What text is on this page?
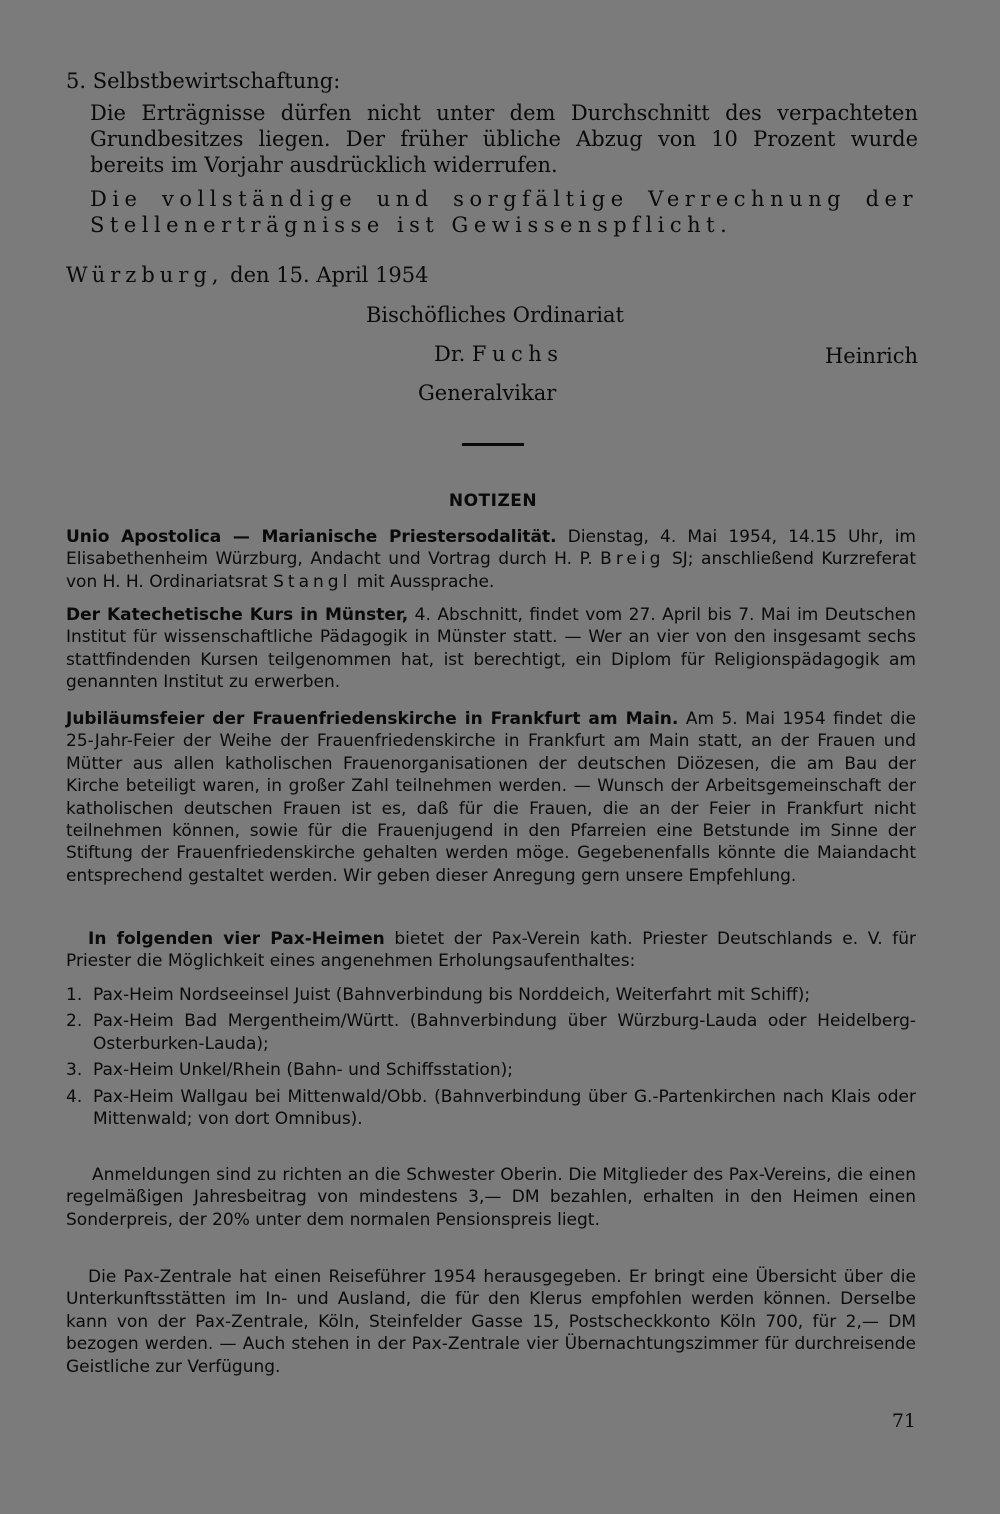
5. Selbstbewirtschaftung:

Die Erträgnisse dürfen nicht unter dem Durchschnitt des verpachteten Grundbesitzes liegen. Der früher übliche Abzug von 10 Prozent wurde bereits im Vorjahr ausdrücklich widerrufen.

Die vollständige und sorgfältige Verrechnung der Stellenerträgnisse ist Gewissenspflicht.

Würzburg, den 15. April 1954

Bischöfliches Ordinariat

Dr. Fuchs	Heinrich

Generalvikar

NOTIZEN

Unio Apostolica — Marianische Priestersodalität. Dienstag, 4. Mai 1954, 14.15 Uhr, im Elisabethenheim Würzburg, Andacht und Vortrag durch H. P. Breig SJ; anschließend Kurzreferat von H. H. Ordinariatsrat Stangl mit Aussprache.

Der Katechetische Kurs in Münster, 4. Abschnitt, findet vom 27. April bis 7. Mai im Deutschen Institut für wissenschaftliche Pädagogik in Münster statt. — Wer an vier von den insgesamt sechs stattfindenden Kursen teilgenommen hat, ist berechtigt, ein Diplom für Religionspädagogik am genannten Institut zu erwerben.

Jubiläumsfeier der Frauenfriedenskirche in Frankfurt am Main. Am 5. Mai 1954 findet die 25-Jahr-Feier der Weihe der Frauenfriedenskirche in Frankfurt am Main statt, an der Frauen und Mütter aus allen katholischen Frauenorganisationen der deutschen Diözesen, die am Bau der Kirche beteiligt waren, in großer Zahl teilnehmen werden. — Wunsch der Arbeitsgemeinschaft der katholischen deutschen Frauen ist es, daß für die Frauen, die an der Feier in Frankfurt nicht teilnehmen können, sowie für die Frauenjugend in den Pfarreien eine Betstunde im Sinne der Stiftung der Frauenfriedenskirche gehalten werden möge. Gegebenenfalls könnte die Maiandacht entsprechend gestaltet werden. Wir geben dieser Anregung gern unsere Empfehlung.

In folgenden vier Pax-Heimen bietet der Pax-Verein kath. Priester Deutschlands e. V. für Priester die Möglichkeit eines angenehmen Erholungsaufenthaltes:

1. Pax-Heim Nordseeinsel Juist (Bahnverbindung bis Norddeich, Weiterfahrt mit Schiff);
2. Pax-Heim Bad Mergentheim/Württ. (Bahnverbindung über Würzburg-Lauda oder Heidelberg-Osterburken-Lauda);
3. Pax-Heim Unkel/Rhein (Bahn- und Schiffsstation);
4. Pax-Heim Wallgau bei Mittenwald/Obb. (Bahnverbindung über G.-Partenkirchen nach Klais oder Mittenwald; von dort Omnibus).

Anmeldungen sind zu richten an die Schwester Oberin. Die Mitglieder des Pax-Vereins, die einen regelmäßigen Jahresbeitrag von mindestens 3,— DM bezahlen, erhalten in den Heimen einen Sonderpreis, der 20% unter dem normalen Pensionspreis liegt.

Die Pax-Zentrale hat einen Reiseführer 1954 herausgegeben. Er bringt eine Übersicht über die Unterkunftsstätten im In- und Ausland, die für den Klerus empfohlen werden können. Derselbe kann von der Pax-Zentrale, Köln, Steinfelder Gasse 15, Postscheckkonto Köln 700, für 2,— DM bezogen werden. — Auch stehen in der Pax-Zentrale vier Übernachtungszimmer für durchreisende Geistliche zur Verfügung.

71
